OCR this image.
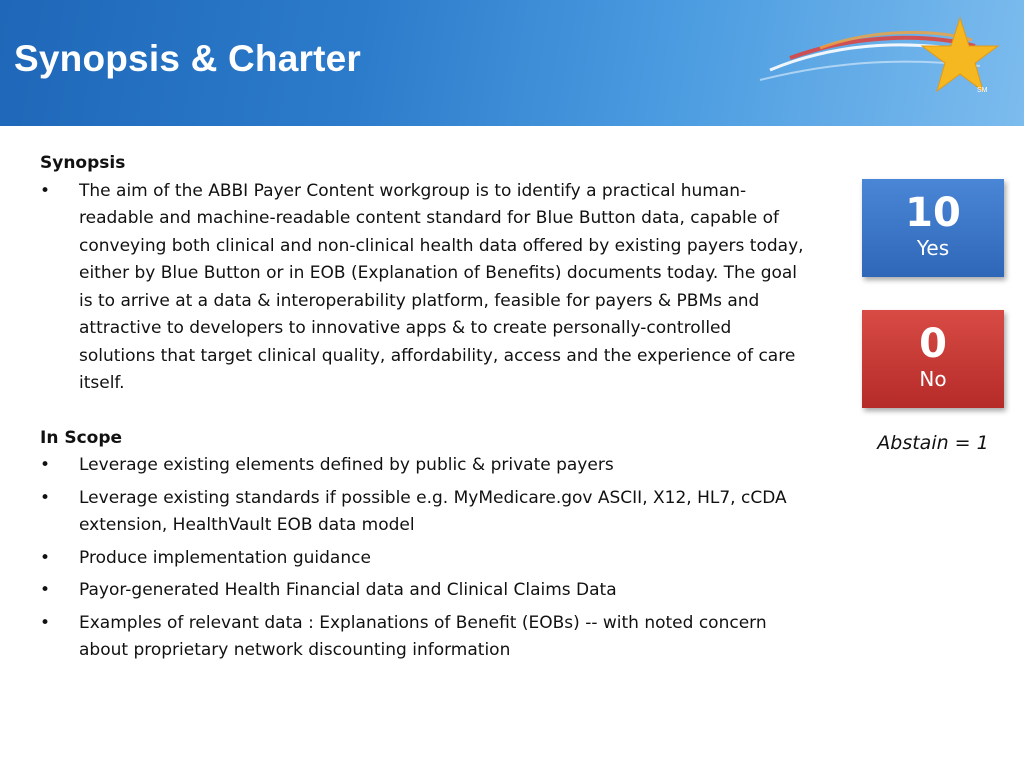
Synopsis & Charter
SM

Synopsis

• The aim of the ABBI Payer Content workgroup is to identify a practical human-readable and machine-readable content standard for Blue Button data, capable of conveying both clinical and non-clinical health data offered by existing payers today, either by Blue Button or in EOB (Explanation of Benefits) documents today. The goal is to arrive at a data & interoperability platform, feasible for payers & PBMs and attractive to developers to innovative apps & to create personally-controlled solutions that target clinical quality, affordability, access and the experience of care itself.

In Scope

• Leverage existing elements defined by public & private payers
• Leverage existing standards if possible e.g. MyMedicare.gov ASCII, X12, HL7, cCDA extension, HealthVault EOB data model
• Produce implementation guidance
• Payor-generated Health Financial data and Clinical Claims Data
• Examples of relevant data : Explanations of Benefit (EOBs) -- with noted concern about proprietary network discounting information
10
Yes
0
No
Abstain = 1
